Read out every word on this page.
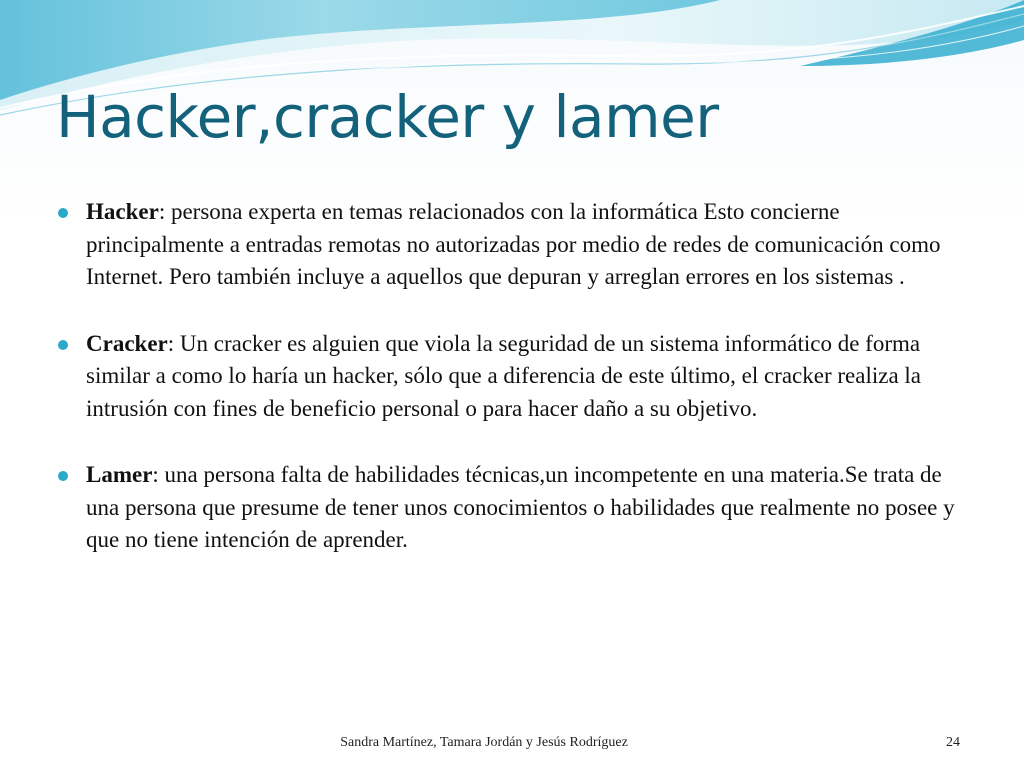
Hacker,cracker y lamer
Hacker: persona experta en temas relacionados con la informática Esto concierne principalmente a entradas remotas no autorizadas por medio de redes de comunicación como Internet. Pero también incluye a aquellos que depuran y arreglan errores en los sistemas .
Cracker: Un cracker es alguien que viola la seguridad de un sistema informático de forma similar a como lo haría un hacker, sólo que a diferencia de este último, el cracker realiza la intrusión con fines de beneficio personal o para hacer daño a su objetivo.
Lamer: una persona falta de habilidades técnicas,un incompetente en una materia.Se trata de una persona que presume de tener unos conocimientos o habilidades que realmente no posee y que no tiene intención de aprender.
Sandra Martínez, Tamara Jordán y Jesús Rodríguez	24
